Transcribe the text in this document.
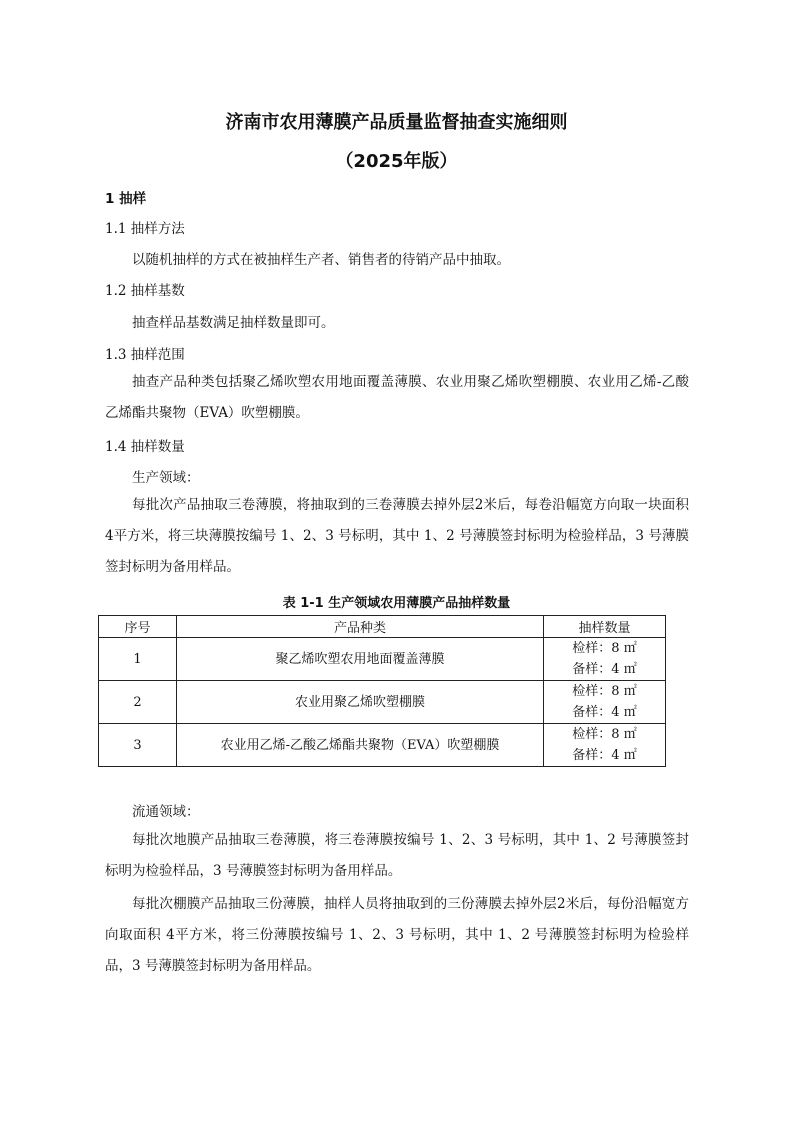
济南市农用薄膜产品质量监督抽查实施细则
（2025年版）
1 抽样
1.1 抽样方法
以随机抽样的方式在被抽样生产者、销售者的待销产品中抽取。
1.2 抽样基数
抽查样品基数满足抽样数量即可。
1.3 抽样范围
抽查产品种类包括聚乙烯吹塑农用地面覆盖薄膜、农业用聚乙烯吹塑棚膜、农业用乙烯-乙酸乙烯酯共聚物（EVA）吹塑棚膜。
1.4 抽样数量
生产领域：
每批次产品抽取三卷薄膜，将抽取到的三卷薄膜去掉外层2米后，每卷沿幅宽方向取一块面积 4平方米，将三块薄膜按编号 1、2、3 号标明，其中 1、2 号薄膜签封标明为检验样品，3 号薄膜签封标明为备用样品。
表 1-1 生产领域农用薄膜产品抽样数量
序号	产品种类	抽样数量
1	聚乙烯吹塑农用地面覆盖薄膜	检样：8 ㎡
备样：4 ㎡

2	农业用聚乙烯吹塑棚膜	检样：8 ㎡
备样：4 ㎡

3	农业用乙烯-乙酸乙烯酯共聚物（EVA）吹塑棚膜	检样：8 ㎡
备样：4 ㎡
流通领域：
每批次地膜产品抽取三卷薄膜，将三卷薄膜按编号 1、2、3 号标明，其中 1、2 号薄膜签封标明为检验样品，3 号薄膜签封标明为备用样品。
每批次棚膜产品抽取三份薄膜，抽样人员将抽取到的三份薄膜去掉外层2米后，每份沿幅宽方向取面积 4平方米，将三份薄膜按编号 1、2、3 号标明，其中 1、2 号薄膜签封标明为检验样品，3 号薄膜签封标明为备用样品。
